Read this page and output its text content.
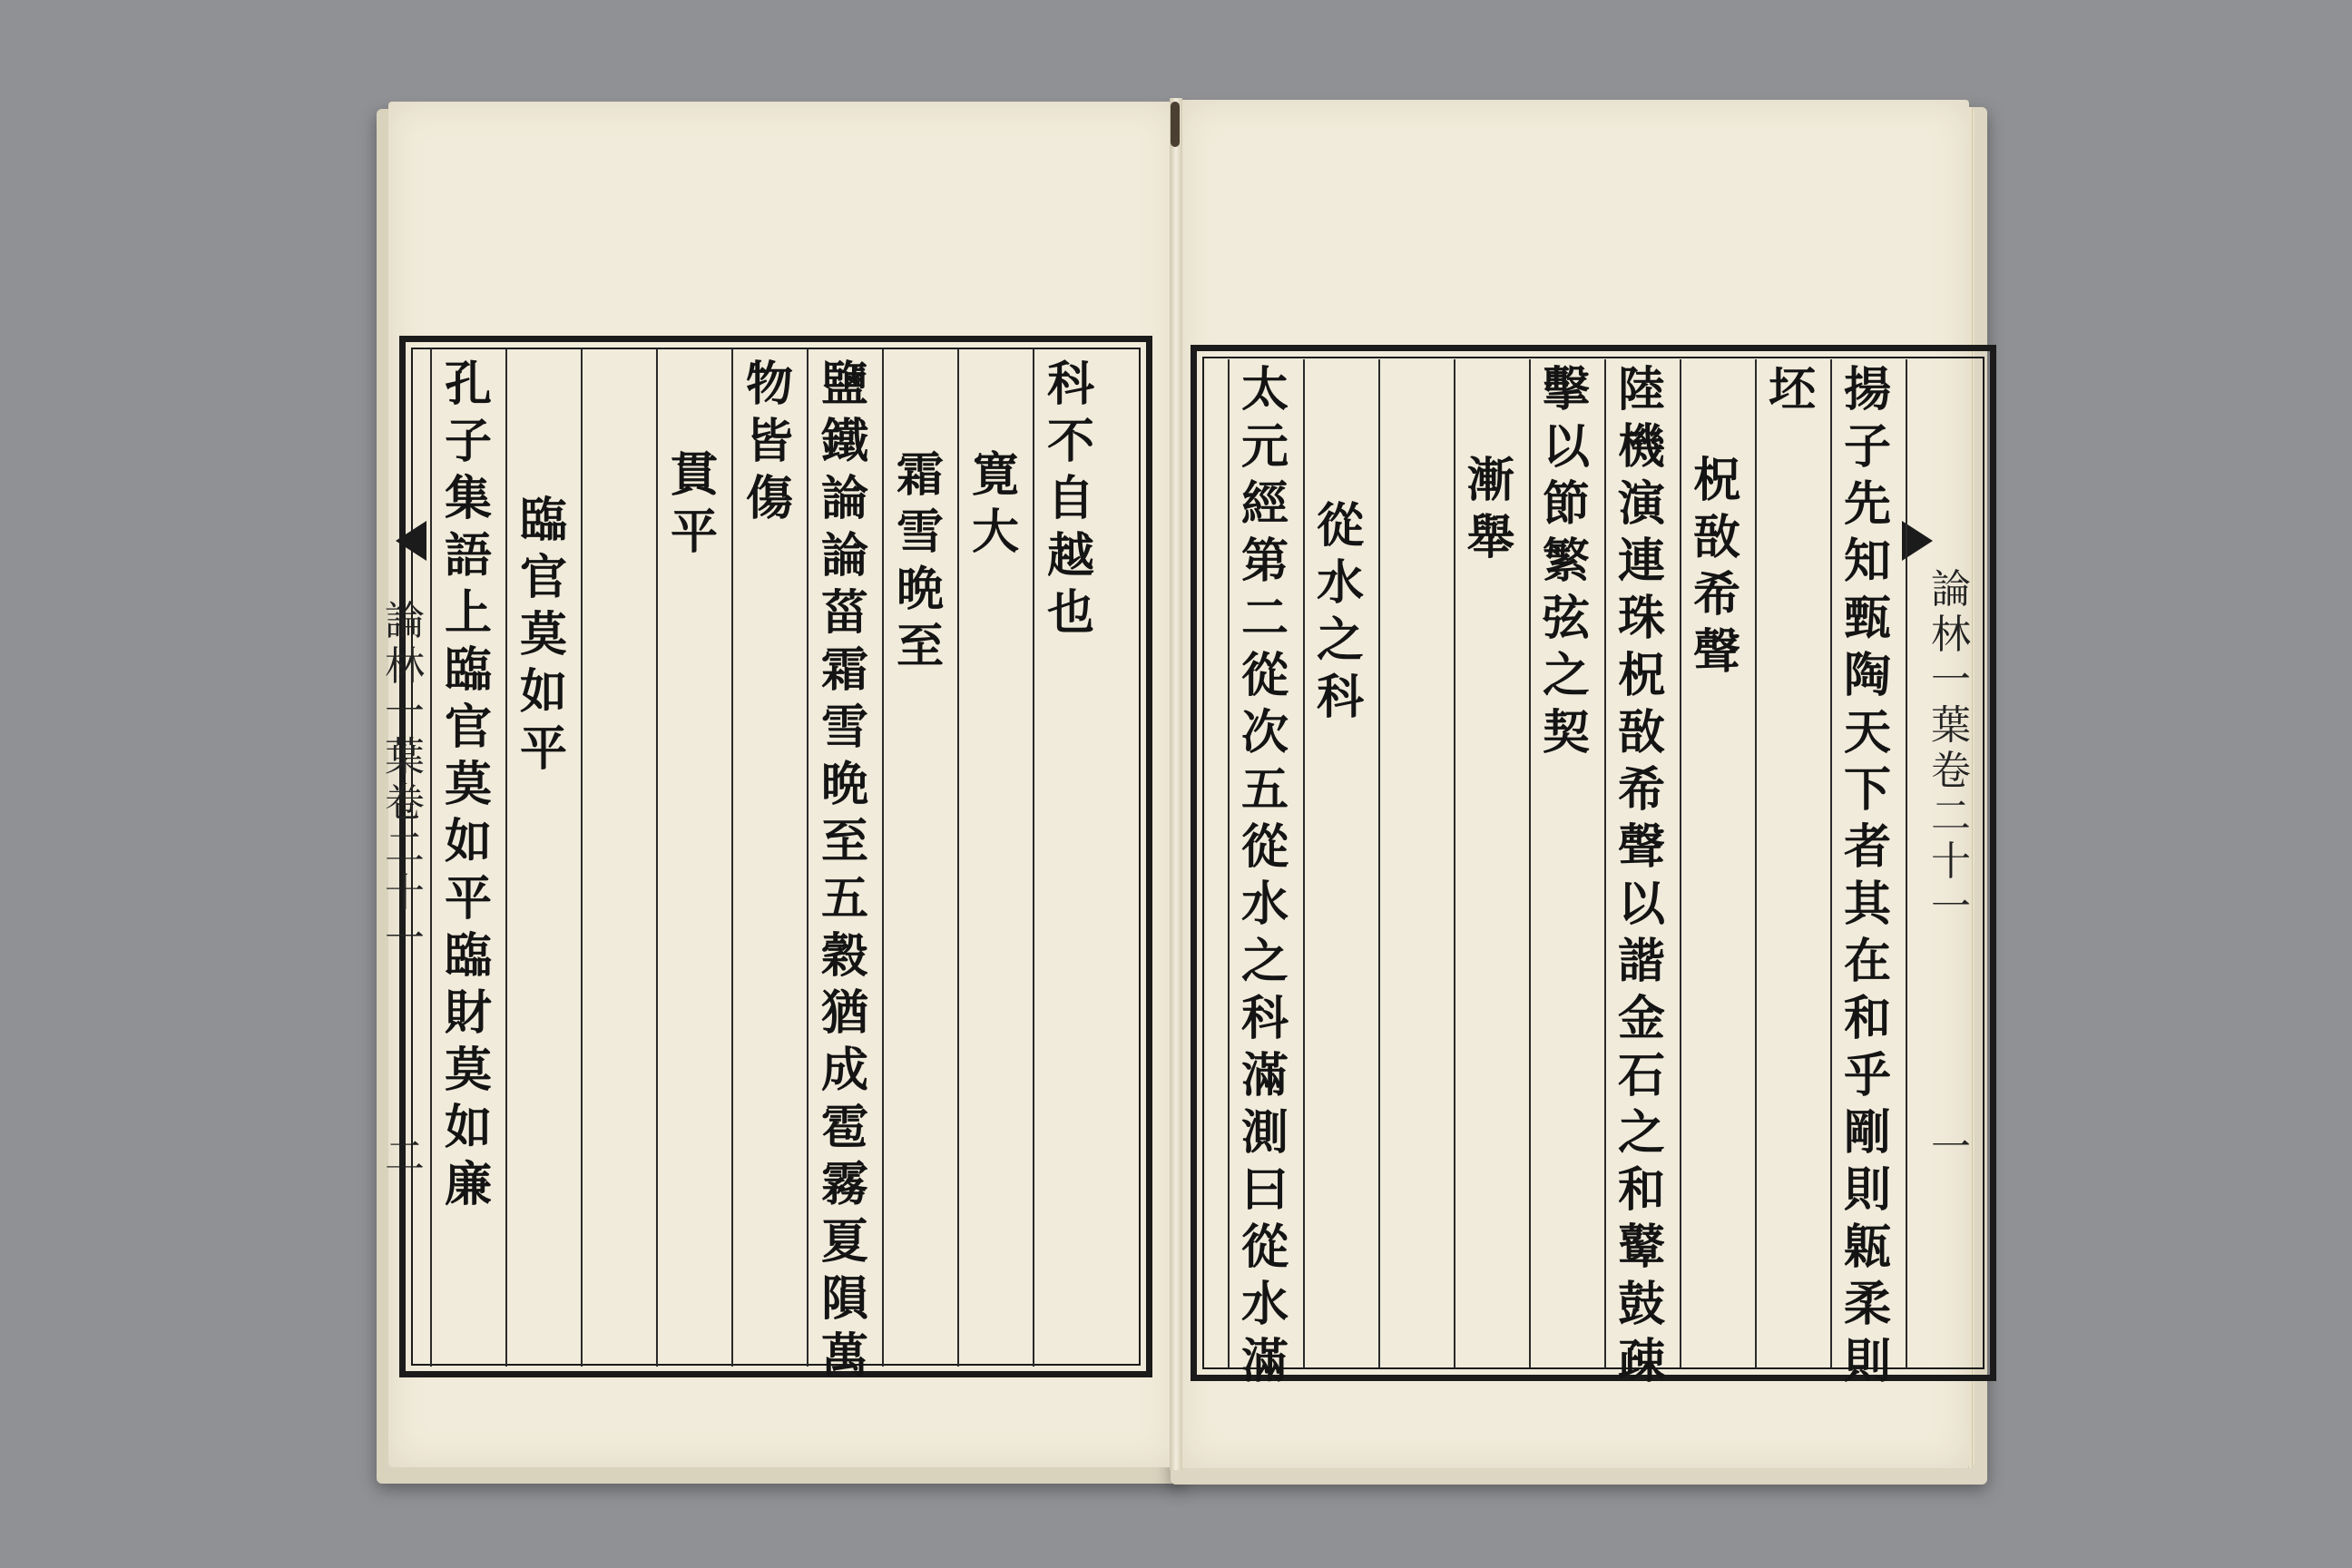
論
林
一
葉
卷
二
十
一
二
科
不
自
越
也
寛
大
霜
雪
晩
至
鹽
鐵
論
論
菑
霜
雪
晩
至
五
穀
猶
成
雹
霧
夏
隕
萬
物
皆
傷
貫
平
臨
官
莫
如
平
孔
子
集
語
上
臨
官
莫
如
平
臨
財
莫
如
廉
論
林
一
葉
卷
二
十
一
一
揚
子
先
知
甄
陶
天
下
者
其
在
和
乎
剛
則
甈
柔
則
坯
柷
敔
希
聲
陸
機
演
連
珠
柷
敔
希
聲
以
諧
金
石
之
和
鼙
鼓
疎
擊
以
節
繁
弦
之
契
漸
舉
從
水
之
科
太
元
經
第
二
從
次
五
從
水
之
科
滿
測
曰
從
水
滿
